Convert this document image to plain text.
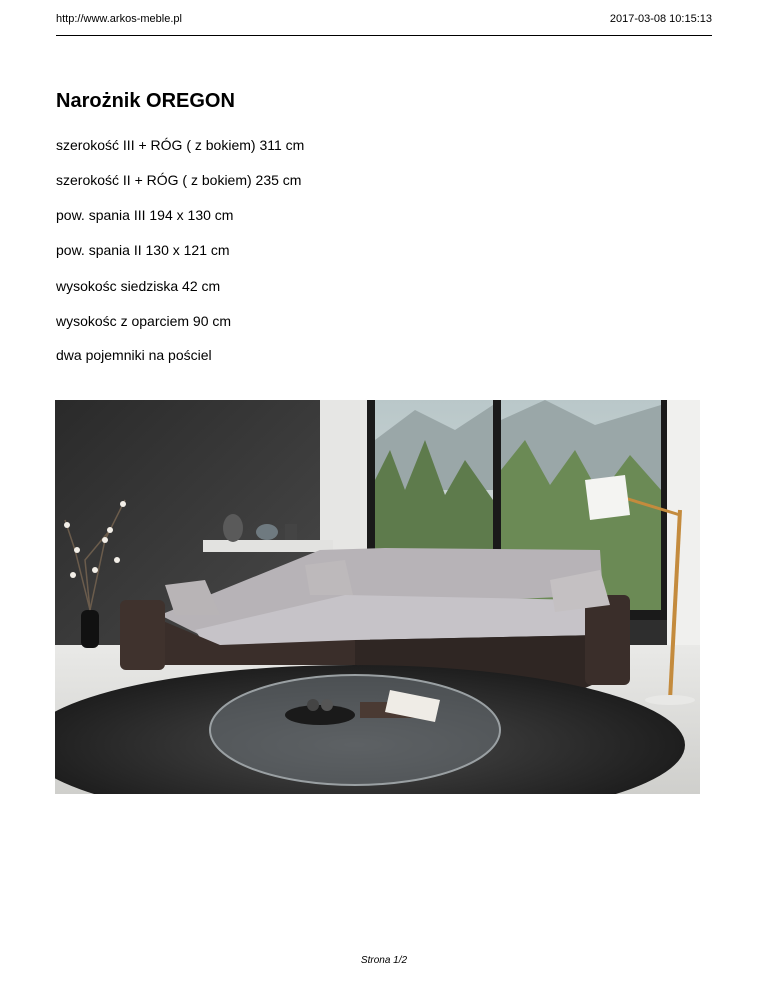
http://www.arkos-meble.pl	2017-03-08 10:15:13
Narożnik OREGON

szerokość III + RÓG ( z bokiem) 311 cm

szerokość II + RÓG ( z bokiem) 235 cm

pow. spania III 194 x 130 cm

pow. spania II 130 x 121 cm

wysokośc siedziska 42 cm

wysokośc z oparciem 90 cm

dwa pojemniki na pościel

Strona 1/2
